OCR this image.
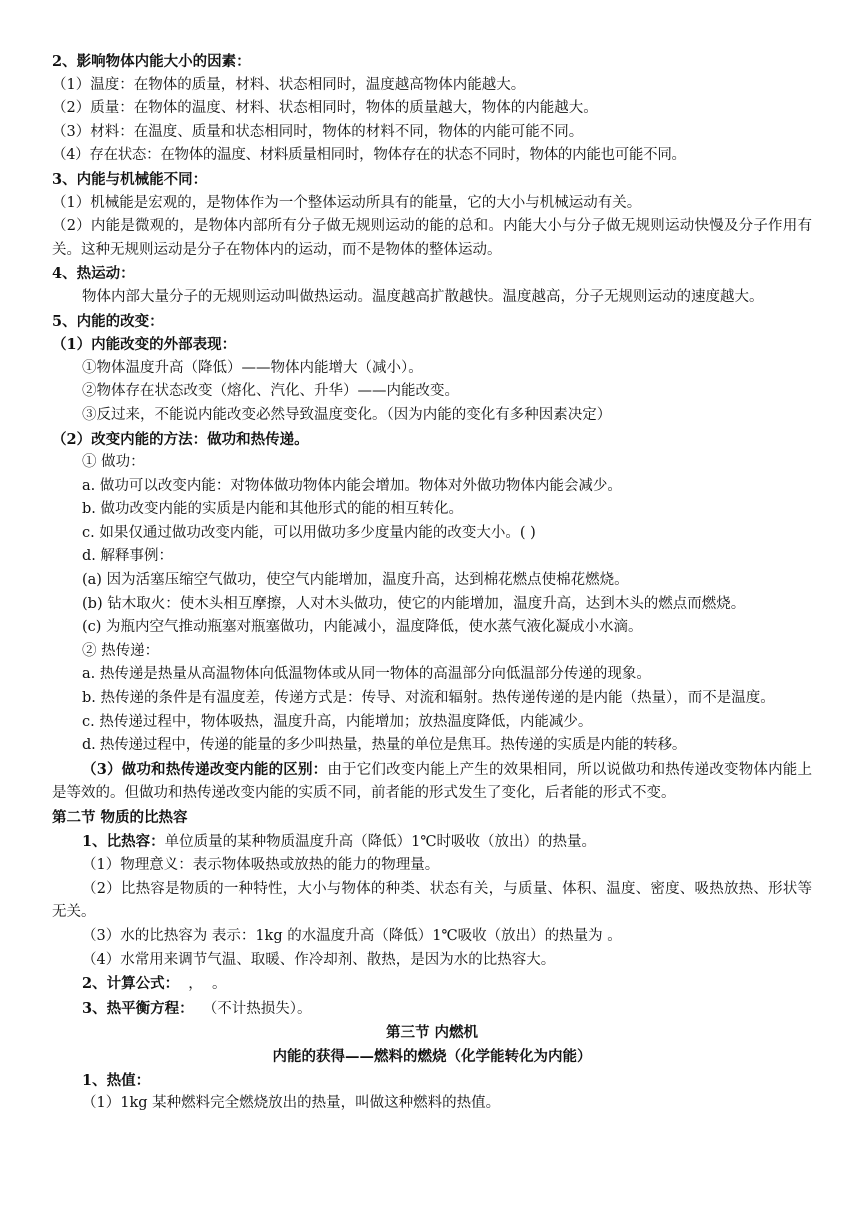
2、影响物体内能大小的因素：
（1）温度：在物体的质量，材料、状态相同时，温度越高物体内能越大。
（2）质量：在物体的温度、材料、状态相同时，物体的质量越大，物体的内能越大。
（3）材料：在温度、质量和状态相同时，物体的材料不同，物体的内能可能不同。
（4）存在状态：在物体的温度、材料质量相同时，物体存在的状态不同时，物体的内能也可能不同。
3、内能与机械能不同：
（1）机械能是宏观的，是物体作为一个整体运动所具有的能量，它的大小与机械运动有关。
（2）内能是微观的，是物体内部所有分子做无规则运动的能的总和。内能大小与分子做无规则运动快慢及分子作用有关。这种无规则运动是分子在物体内的运动，而不是物体的整体运动。
4、热运动：
物体内部大量分子的无规则运动叫做热运动。温度越高扩散越快。温度越高，分子无规则运动的速度越大。
5、内能的改变：
（1）内能改变的外部表现：
①物体温度升高（降低）——物体内能增大（减小）。
②物体存在状态改变（熔化、汽化、升华）——内能改变。
③反过来，不能说内能改变必然导致温度变化。（因为内能的变化有多种因素决定）
（2）改变内能的方法：做功和热传递。
① 做功：
a. 做功可以改变内能：对物体做功物体内能会增加。物体对外做功物体内能会减少。
b. 做功改变内能的实质是内能和其他形式的能的相互转化。
c. 如果仅通过做功改变内能，可以用做功多少度量内能的改变大小。( )
d. 解释事例：
(a) 因为活塞压缩空气做功，使空气内能增加，温度升高，达到棉花燃点使棉花燃烧。
(b) 钻木取火：使木头相互摩擦，人对木头做功，使它的内能增加，温度升高，达到木头的燃点而燃烧。
(c) 为瓶内空气推动瓶塞对瓶塞做功，内能减小，温度降低，使水蒸气液化凝成小水滴。
② 热传递：
a. 热传递是热量从高温物体向低温物体或从同一物体的高温部分向低温部分传递的现象。
b. 热传递的条件是有温度差，传递方式是：传导、对流和辐射。热传递传递的是内能（热量），而不是温度。
c. 热传递过程中，物体吸热，温度升高，内能增加；放热温度降低，内能减少。
d. 热传递过程中，传递的能量的多少叫热量，热量的单位是焦耳。热传递的实质是内能的转移。
（3）做功和热传递改变内能的区别：由于它们改变内能上产生的效果相同，所以说做功和热传递改变物体内能上是等效的。但做功和热传递改变内能的实质不同，前者能的形式发生了变化，后者能的形式不变。
第二节 物质的比热容
1、比热容：单位质量的某种物质温度升高（降低）1℃时吸收（放出）的热量。
（1）物理意义：表示物体吸热或放热的能力的物理量。
（2）比热容是物质的一种特性，大小与物体的种类、状态有关，与质量、体积、温度、密度、吸热放热、形状等无关。
（3）水的比热容为 表示：1kg 的水温度升高（降低）1℃吸收（放出）的热量为 。
（4）水常用来调节气温、取暖、作冷却剂、散热，是因为水的比热容大。
2、计算公式：  ，  。
3、热平衡方程：  （不计热损失）。
第三节 内燃机
内能的获得——燃料的燃烧（化学能转化为内能）
1、热值：
（1）1kg 某种燃料完全燃烧放出的热量，叫做这种燃料的热值。
